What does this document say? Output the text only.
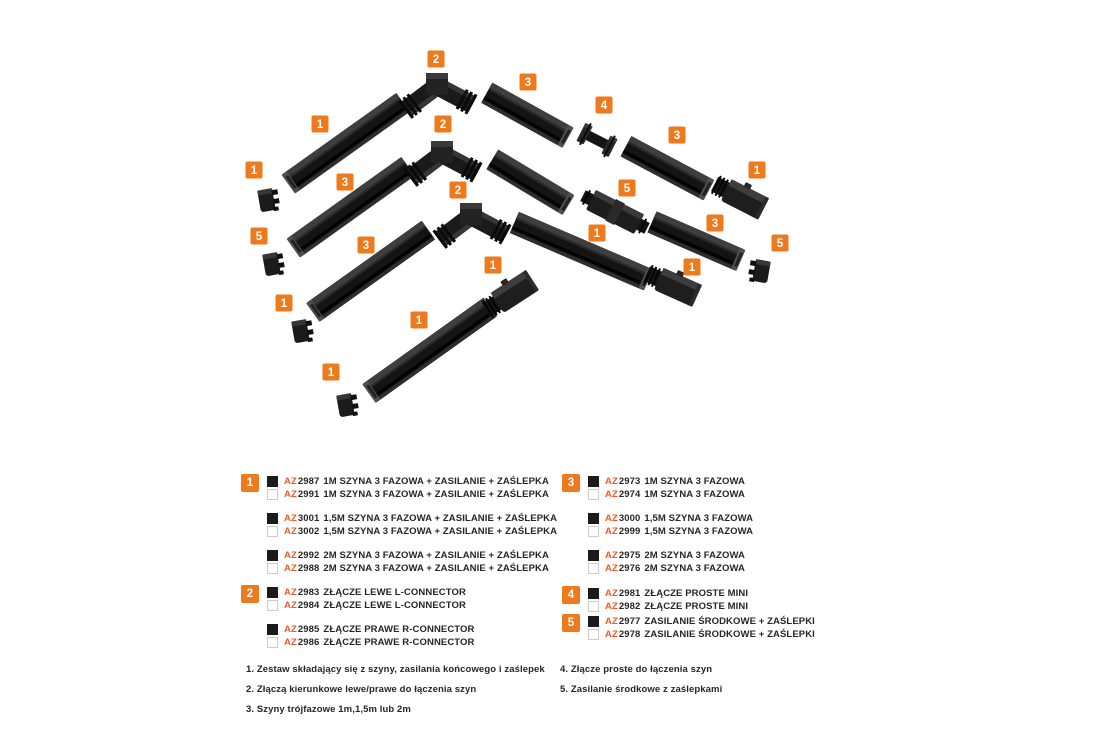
2
3
4
1	2
3
1
1
3
2	5
3
5
3
1
5
1	1
1
1
1
1	AZ 2987 1M SZYNA 3 FAZOWA + ZASILANIE + ZAŚLEPKA
AZ 2991 1M SZYNA 3 FAZOWA + ZASILANIE + ZAŚLEPKA
AZ 3001 1,5M SZYNA 3 FAZOWA + ZASILANIE + ZAŚLEPKA
AZ 3002 1,5M SZYNA 3 FAZOWA + ZASILANIE + ZAŚLEPKA
AZ 2992 2M SZYNA 3 FAZOWA + ZASILANIE + ZAŚLEPKA
AZ 2988 2M SZYNA 3 FAZOWA + ZASILANIE + ZAŚLEPKA
2	AZ 2983 ZŁĄCZE LEWE L-CONNECTOR
AZ 2984 ZŁĄCZE LEWE L-CONNECTOR
AZ 2985 ZŁĄCZE PRAWE R-CONNECTOR
AZ 2986 ZŁĄCZE PRAWE R-CONNECTOR
3	AZ 2973 1M SZYNA 3 FAZOWA
AZ 2974 1M SZYNA 3 FAZOWA
AZ 3000 1,5M SZYNA 3 FAZOWA
AZ 2999 1,5M SZYNA 3 FAZOWA
AZ 2975 2M SZYNA 3 FAZOWA
AZ 2976 2M SZYNA 3 FAZOWA
4	AZ 2981 ZŁĄCZE PROSTE MINI
AZ 2982 ZŁĄCZE PROSTE MINI
5	AZ 2977 ZASILANIE ŚRODKOWE + ZAŚLEPKI
AZ 2978 ZASILANIE ŚRODKOWE + ZAŚLEPKI
1. Zestaw składający się z szyny, zasilania końcowego i zaślepek
2. Złączą kierunkowe lewe/prawe do łączenia szyn
3. Szyny trójfazowe 1m,1,5m lub 2m
4. Złącze proste do łączenia szyn
5. Zasilanie środkowe z zaślepkami
